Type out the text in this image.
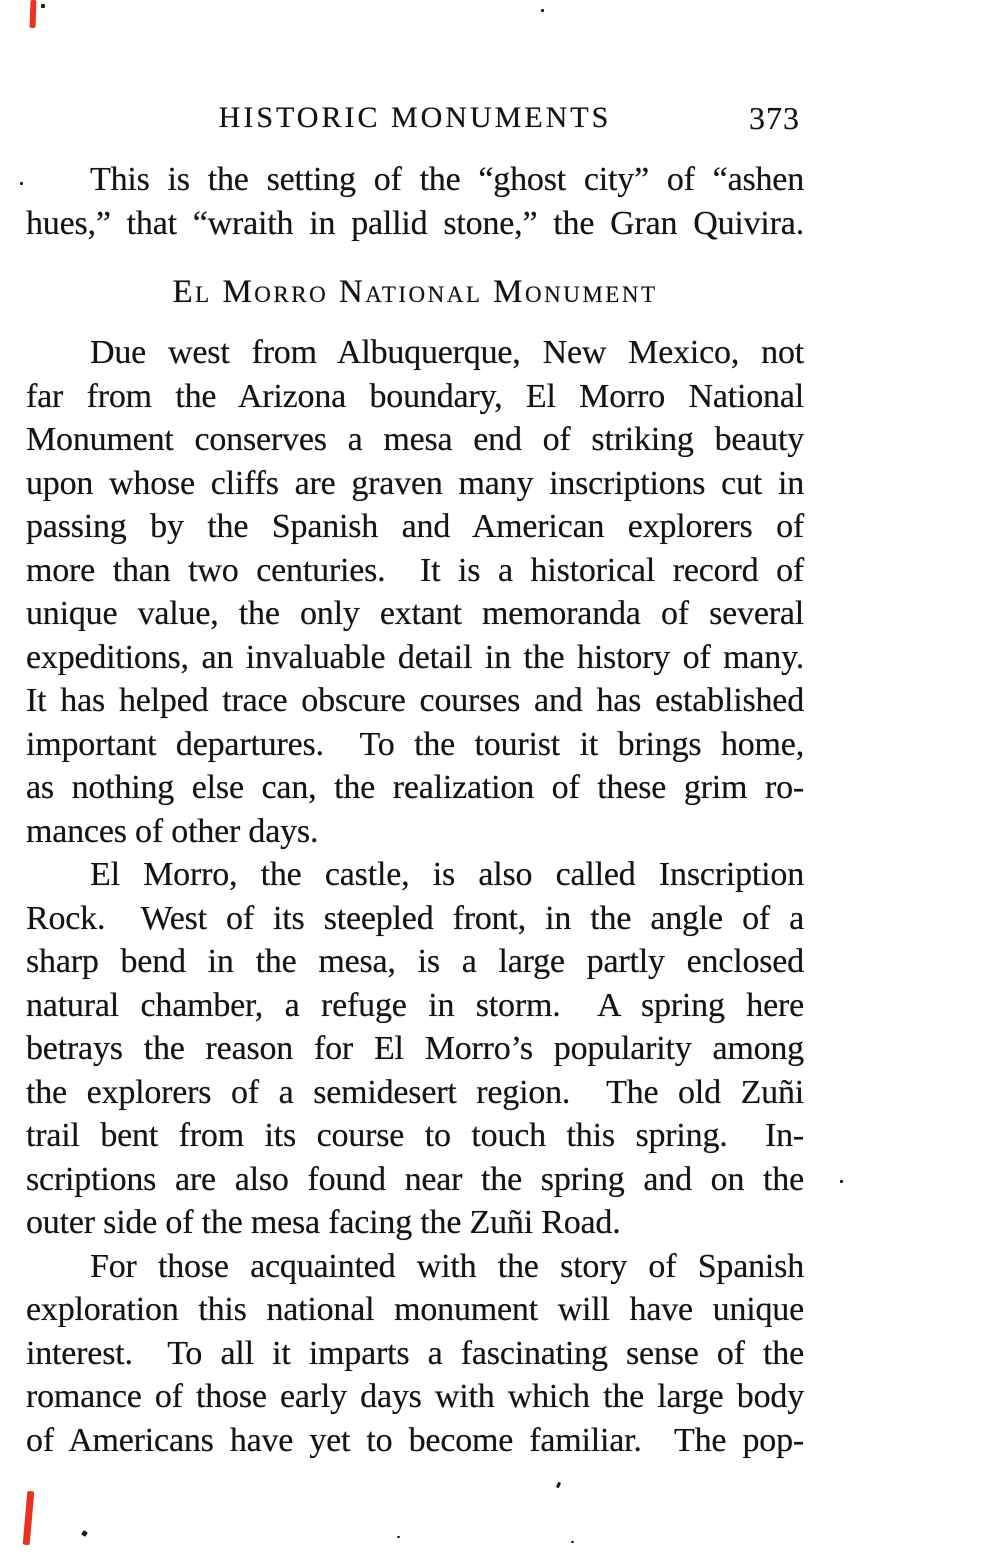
HISTORIC MONUMENTS	373
This is the setting of the “ghost city” of “ashen
hues,” that “wraith in pallid stone,” the Gran Quivira.
El Morro National Monument
Due west from Albuquerque, New Mexico, not
far from the Arizona boundary, El Morro National
Monument conserves a mesa end of striking beauty
upon whose cliffs are graven many inscriptions cut in
passing by the Spanish and American explorers of
more than two centuries.  It is a historical record of
unique value, the only extant memoranda of several
expeditions, an invaluable detail in the history of many.
It has helped trace obscure courses and has established
important departures.  To the tourist it brings home,
as nothing else can, the realization of these grim ro-
mances of other days.
El Morro, the castle, is also called Inscription
Rock.  West of its steepled front, in the angle of a
sharp bend in the mesa, is a large partly enclosed
natural chamber, a refuge in storm.  A spring here
betrays the reason for El Morro’s popularity among
the explorers of a semidesert region.  The old Zuñi
trail bent from its course to touch this spring.  In-
scriptions are also found near the spring and on the
outer side of the mesa facing the Zuñi Road.
For those acquainted with the story of Spanish
exploration this national monument will have unique
interest.  To all it imparts a fascinating sense of the
romance of those early days with which the large body
of Americans have yet to become familiar.  The pop-
